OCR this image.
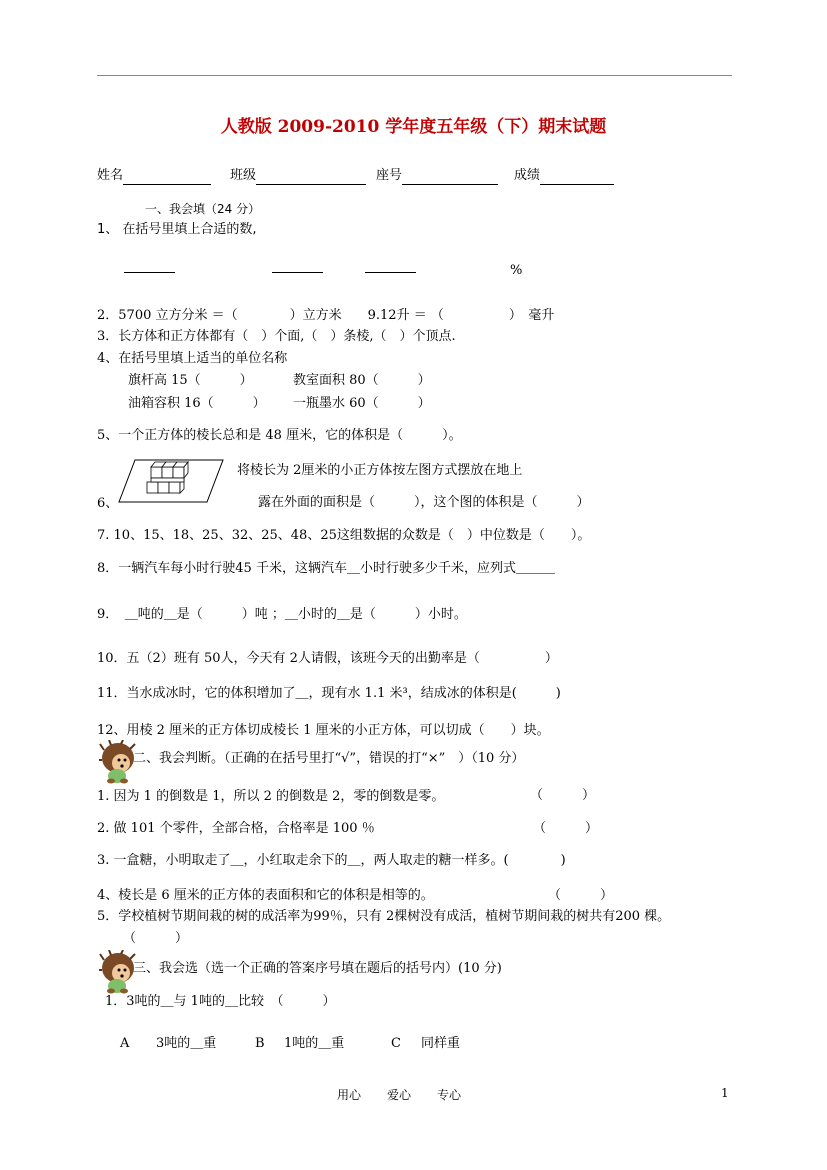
人教版 2009-2010 学年度五年级（下）期末试题
姓名	班级	座号	成绩
一、我会填（24 分）
1、 在括号里填上合适的数,
%
2．5700 立方分米 ＝（　　　　）立方米　　9.12升 ＝ （　　　　　）　毫升
3．长方体和正方体都有（　）个面,（　）条棱,（　）个顶点.
4、在括号里填上适当的单位名称
旗杆高 15（　　　）	教室面积 80（　　　）
油箱容积 16（　　　） 一瓶墨水 60（　　　）
5、一个正方体的棱长总和是 48 厘米，它的体积是（　　　）。
将棱长为 2厘米的小正方体按左图方式摆放在地上
6、	露在外面的面积是（　　　），这个图的体积是（　　　）
7. 10、15、18、25、32、25、48、25这组数据的众数是（　）中位数是（　　）。
8．一辆汽车每小时行驶45 千米，这辆汽车＿小时行驶多少千米，应列式＿＿＿
9．　＿吨的＿是（　　　）吨 ；＿小时的＿是（　　　）小时。
10．五（2）班有 50人，今天有 2人请假，该班今天的出勤率是（　　　　　）
11．当水成冰时，它的体积增加了＿，现有水 1.1 米³，结成冰的体积是(　　　)
12、用棱 2 厘米的正方体切成棱长 1 厘米的小正方体，可以切成（　　）块。
二、我会判断。（正确的在括号里打“√”，错误的打“×”　）（10 分）
1. 因为 1 的倒数是 1，所以 2 的倒数是 2，零的倒数是零。	（　　　）
2. 做 101 个零件，全部合格，合格率是 100 ％	（　　　）
3. 一盒糖，小明取走了＿，小红取走余下的＿，两人取走的糖一样多。(　　　　)
4、棱长是 6 厘米的正方体的表面积和它的体积是相等的。	（　　　）
5．学校植树节期间栽的树的成活率为99％，只有 2棵树没有成活，植树节期间栽的树共有200 棵。
（　　　）
三、我会选（选一个正确的答案序号填在题后的括号内）(10 分)
1．3吨的＿与 1吨的＿比较　（　　　）
A 3吨的＿重	B 1吨的＿重	C 同样重
用心 爱心 专心	1
